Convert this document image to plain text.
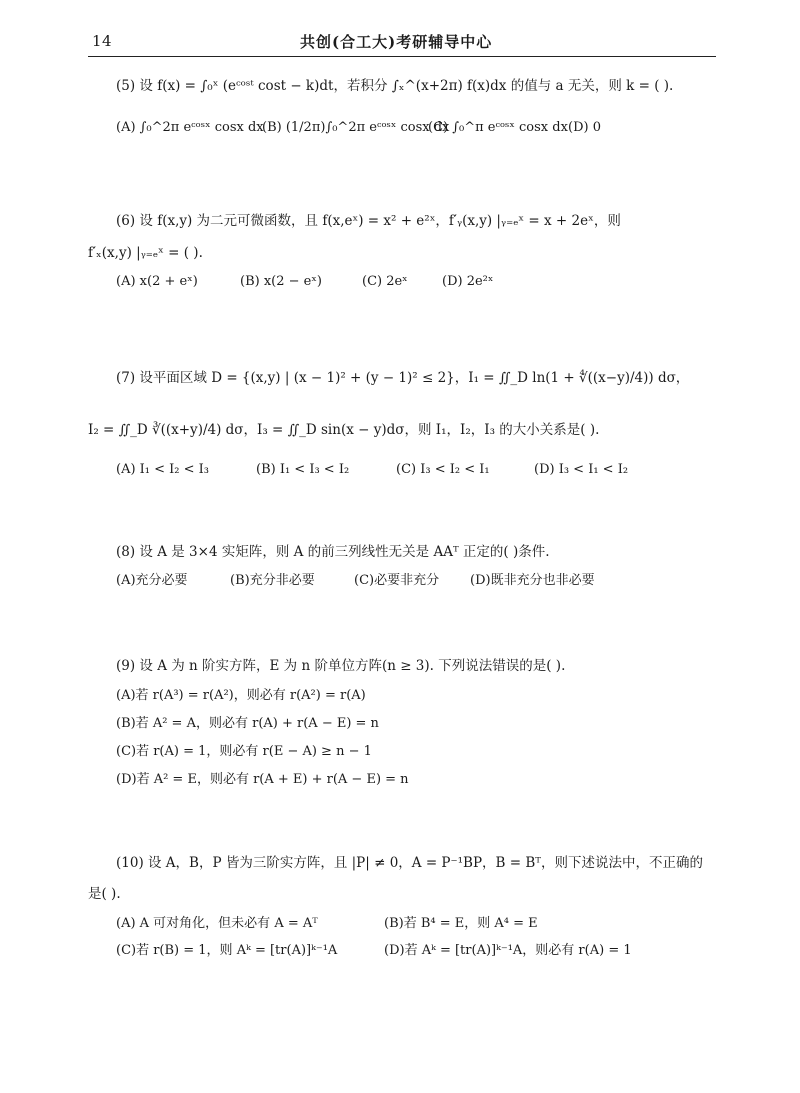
14	共创(合工大)考研辅导中心
(5) 设 f(x) = ∫₀ˣ (eᶜᵒˢᵗ cost − k)dt，若积分 ∫ₓ^(x+2π) f(x)dx 的值与 a 无关，则 k = ( ).
(A) ∫₀^2π eᶜᵒˢˣ cosx dx
(B) (1/2π)∫₀^2π eᶜᵒˢˣ cosx dx
(C) ∫₀^π eᶜᵒˢˣ cosx dx (D) 0
(6) 设 f(x,y) 为二元可微函数，且 f(x,eˣ) = x² + e²ˣ，f′ᵧ(x,y) |ᵧ₌ₑˣ = x + 2eˣ，则
f′ₓ(x,y) |ᵧ₌ₑˣ = ( ).
(A) x(2 + eˣ)	(B) x(2 − eˣ)	(C) 2eˣ	(D) 2e²ˣ
(7) 设平面区域 D = {(x,y) | (x − 1)² + (y − 1)² ≤ 2}，I₁ = ∬_D ln(1 + ∜((x−y)/4)) dσ，
I₂ = ∬_D ∛((x+y)/4) dσ，I₃ = ∬_D sin(x − y)dσ，则 I₁，I₂，I₃ 的大小关系是( ).
(A) I₁ < I₂ < I₃	(B) I₁ < I₃ < I₂	(C) I₃ < I₂ < I₁	(D) I₃ < I₁ < I₂
(8) 设 A 是 3×4 实矩阵，则 A 的前三列线性无关是 AAᵀ 正定的( )条件.
(A)充分必要	(B)充分非必要	(C)必要非充分 (D)既非充分也非必要
(9) 设 A 为 n 阶实方阵，E 为 n 阶单位方阵(n ≥ 3). 下列说法错误的是( ).
(A)若 r(A³) = r(A²)，则必有 r(A²) = r(A)
(B)若 A² = A，则必有 r(A) + r(A − E) = n
(C)若 r(A) = 1，则必有 r(E − A) ≥ n − 1
(D)若 A² = E，则必有 r(A + E) + r(A − E) = n
(10) 设 A，B，P 皆为三阶实方阵，且 |P| ≠ 0，A = P⁻¹BP，B = Bᵀ，则下述说法中，不正确的
是( ).
(A) A 可对角化，但未必有 A = Aᵀ	(B)若 B⁴ = E，则 A⁴ = E
(C)若 r(B) = 1，则 Aᵏ = [tr(A)]ᵏ⁻¹A	(D)若 Aᵏ = [tr(A)]ᵏ⁻¹A，则必有 r(A) = 1
